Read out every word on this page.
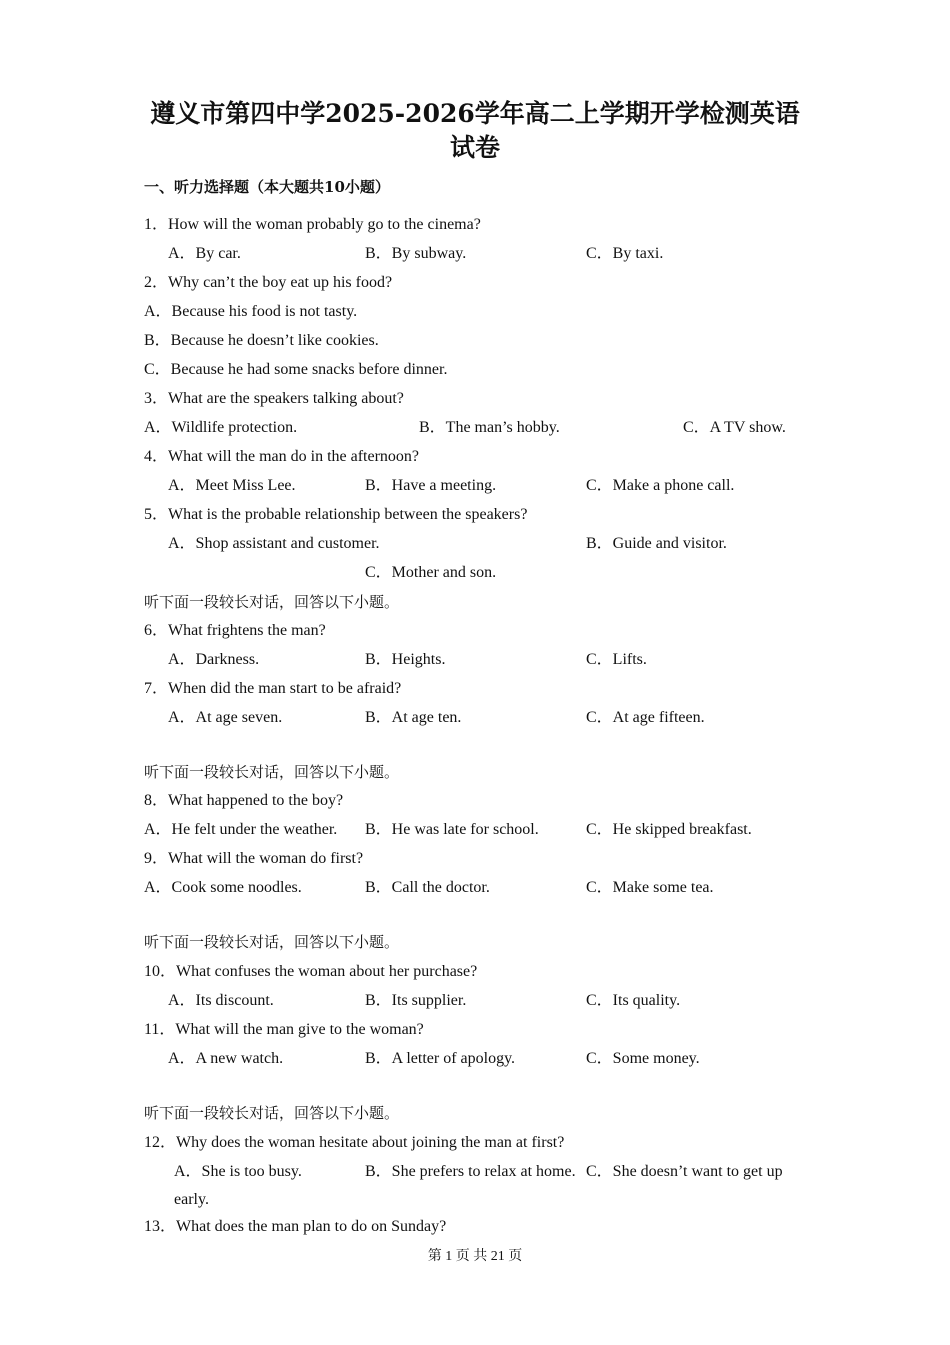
遵义市第四中学2025-2026学年高二上学期开学检测英语
试卷
一、听力选择题（本大题共10小题）
1．How will the woman probably go to the cinema?
A．By car.	B．By subway.	C．By taxi.
2．Why can’t the boy eat up his food?
A．Because his food is not tasty.
B．Because he doesn’t like cookies.
C．Because he had some snacks before dinner.
3．What are the speakers talking about?
A．Wildlife protection.	B．The man’s hobby.	C．A TV show.
4．What will the man do in the afternoon?
A．Meet Miss Lee.	B．Have a meeting.	C．Make a phone call.
5．What is the probable relationship between the speakers?
A．Shop assistant and customer.	B．Guide and visitor.
C．Mother and son.
听下面一段较长对话，回答以下小题。
6．What frightens the man?
A．Darkness.	B．Heights.	C．Lifts.
7．When did the man start to be afraid?
A．At age seven.	B．At age ten.	C．At age fifteen.
听下面一段较长对话，回答以下小题。
8．What happened to the boy?
A．He felt under the weather. B．He was late for school.	C．He skipped breakfast.
9．What will the woman do first?
A．Cook some noodles.	B．Call the doctor.	C．Make some tea.
听下面一段较长对话，回答以下小题。
10．What confuses the woman about her purchase?
A．Its discount.	B．Its supplier.	C．Its quality.
11．What will the man give to the woman?
A．A new watch.	B．A letter of apology.	C．Some money.
听下面一段较长对话，回答以下小题。
12．Why does the woman hesitate about joining the man at first?
A．She is too busy.	B．She prefers to relax at home. C．She doesn’t want to get up
early.
13．What does the man plan to do on Sunday?
第 1 页 共 21 页
